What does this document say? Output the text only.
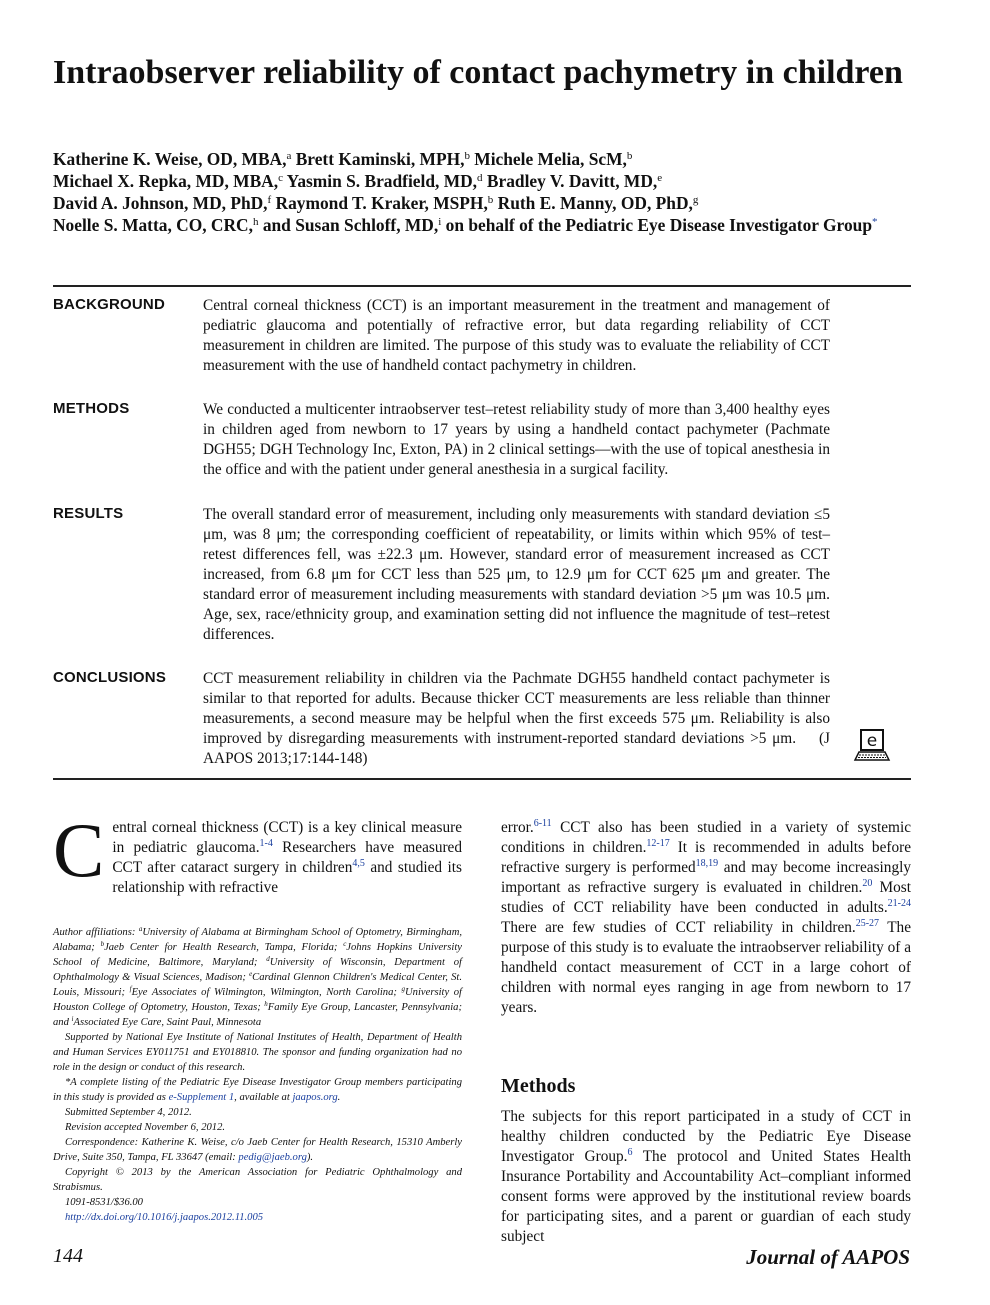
Intraobserver reliability of contact pachymetry in children
Katherine K. Weise, OD, MBA,$^a$ Brett Kaminski, MPH,$^b$ Michele Melia, ScM,$^b$
Michael X. Repka, MD, MBA,$^c$ Yasmin S. Bradfield, MD,$^d$ Bradley V. Davitt, MD,$^e$
David A. Johnson, MD, PhD,$^f$ Raymond T. Kraker, MSPH,$^b$ Ruth E. Manny, OD, PhD,$^g$
Noelle S. Matta, CO, CRC,$^h$ and Susan Schloff, MD,$^i$ on behalf of the Pediatric Eye Disease Investigator Group*
BACKGROUND Central corneal thickness (CCT) is an important measurement in the treatment and management of pediatric glaucoma and potentially of refractive error, but data regarding reliability of CCT measurement in children are limited. The purpose of this study was to evaluate the reliability of CCT measurement with the use of handheld contact pachymetry in children.
METHODS	We conducted a multicenter intraobserver test–retest reliability study of more than 3,400 healthy eyes in children aged from newborn to 17 years by using a handheld contact pachymeter (Pachmate DGH55; DGH Technology Inc, Exton, PA) in 2 clinical settings—with the use of topical anesthesia in the office and with the patient under general anesthesia in a surgical facility.
RESULTS	The overall standard error of measurement, including only measurements with standard deviation ≤5 μm, was 8 μm; the corresponding coefficient of repeatability, or limits within which 95% of test–retest differences fell, was ±22.3 μm. However, standard error of measurement increased as CCT increased, from 6.8 μm for CCT less than 525 μm, to 12.9 μm for CCT 625 μm and greater. The standard error of measurement including measurements with standard deviation >5 μm was 10.5 μm. Age, sex, race/ethnicity group, and examination setting did not influence the magnitude of test–retest differences.
CONCLUSIONS CCT measurement reliability in children via the Pachmate DGH55 handheld contact pachymeter is similar to that reported for adults. Because thicker CCT measurements are less reliable than thinner measurements, a second measure may be helpful when the first exceeds 575 μm. Reliability is also improved by disregarding measurements with instrument-reported standard deviations >5 μm. (J AAPOS 2013;17:144-148)
e
Central corneal thickness (CCT) is a key clinical measure in pediatric glaucoma.$^{1-4}$ Researchers have measured CCT after cataract surgery in children$^{4,5}$ and studied its relationship with refractive

Author affiliations: $^a$University of Alabama at Birmingham School of Optometry, Birmingham, Alabama; $^b$Jaeb Center for Health Research, Tampa, Florida; $^c$Johns Hopkins University School of Medicine, Baltimore, Maryland; $^d$University of Wisconsin, Department of Ophthalmology & Visual Sciences, Madison; $^e$Cardinal Glennon Children's Medical Center, St. Louis, Missouri; $^f$Eye Associates of Wilmington, Wilmington, North Carolina; $^g$University of Houston College of Optometry, Houston, Texas; $^h$Family Eye Group, Lancaster, Pennsylvania; and $^i$Associated Eye Care, Saint Paul, Minnesota

Supported by National Eye Institute of National Institutes of Health, Department of Health and Human Services EY011751 and EY018810. The sponsor and funding organization had no role in the design or conduct of this research.

*A complete listing of the Pediatric Eye Disease Investigator Group members participating in this study is provided as e-Supplement 1, available at jaapos.org.

Submitted September 4, 2012.

Revision accepted November 6, 2012.

Correspondence: Katherine K. Weise, c/o Jaeb Center for Health Research, 15310 Amberly Drive, Suite 350, Tampa, FL 33647 (email: pedig@jaeb.org).

Copyright © 2013 by the American Association for Pediatric Ophthalmology and Strabismus.

1091-8531/$36.00

http://dx.doi.org/10.1016/j.jaapos.2012.11.005

error.$^{6-11}$ CCT also has been studied in a variety of systemic conditions in children.$^{12-17}$ It is recommended in adults before refractive surgery is performed$^{18,19}$ and may become increasingly important as refractive surgery is evaluated in children.$^{20}$ Most studies of CCT reliability have been conducted in adults.$^{21-24}$ There are few studies of CCT reliability in children.$^{25-27}$ The purpose of this study is to evaluate the intraobserver reliability of a handheld contact measurement of CCT in a large cohort of children with normal eyes ranging in age from newborn to 17 years.
Methods
The subjects for this report participated in a study of CCT in healthy children conducted by the Pediatric Eye Disease Investigator Group.$^6$ The protocol and United States Health Insurance Portability and Accountability Act–compliant informed consent forms were approved by the institutional review boards for participating sites, and a parent or guardian of each study subject
144	Journal of AAPOS
